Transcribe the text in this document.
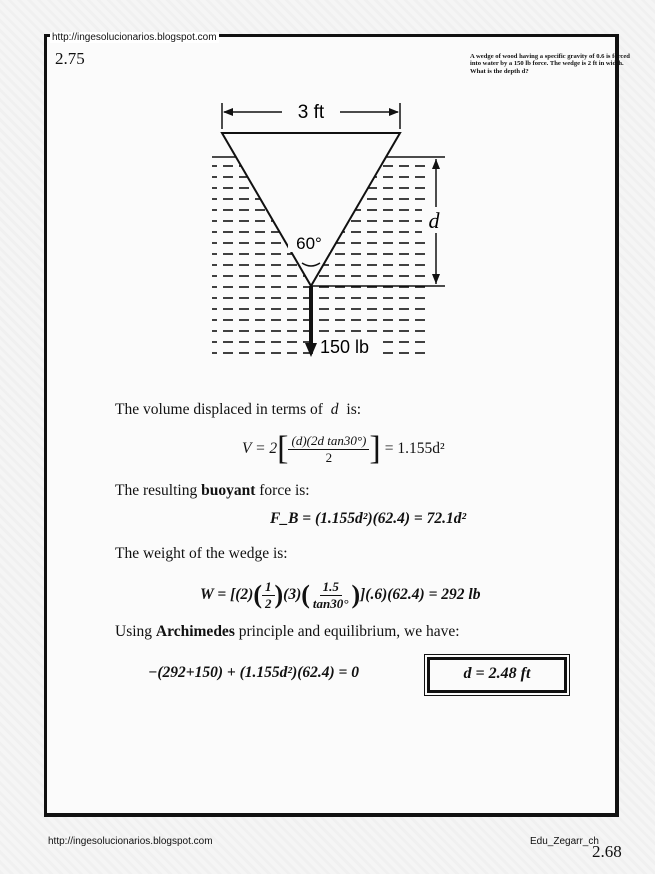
http://ingesolucionarios.blogspot.com
2.75	A wedge of wood having a specific gravity of 0.6 is forced into water by a 150 lb force. The wedge is 2 ft in width. What is the depth d?
3 ft
d
60°
150 lb
The volume displaced in terms of d is:
V = 2 [ $\frac{\text{(d)(2d tan30°)}}{2}$ ] = 1.155d²
The resulting buoyant force is:
F_B = (1.155d²)(62.4) = 72.1d²
The weight of the wedge is:
W = [(2) ( $\frac{1}{2}$ ) (3) ( $\frac{1.5}{\tan 30^\circ}$ ) ](.6)(62.4) = 292 lb
Using Archimedes principle and equilibrium, we have:
−(292+150) + (1.155d²)(62.4) = 0	d = 2.48 ft
http://ingesolucionarios.blogspot.com	Edu_Zegarr_ch
2.68
